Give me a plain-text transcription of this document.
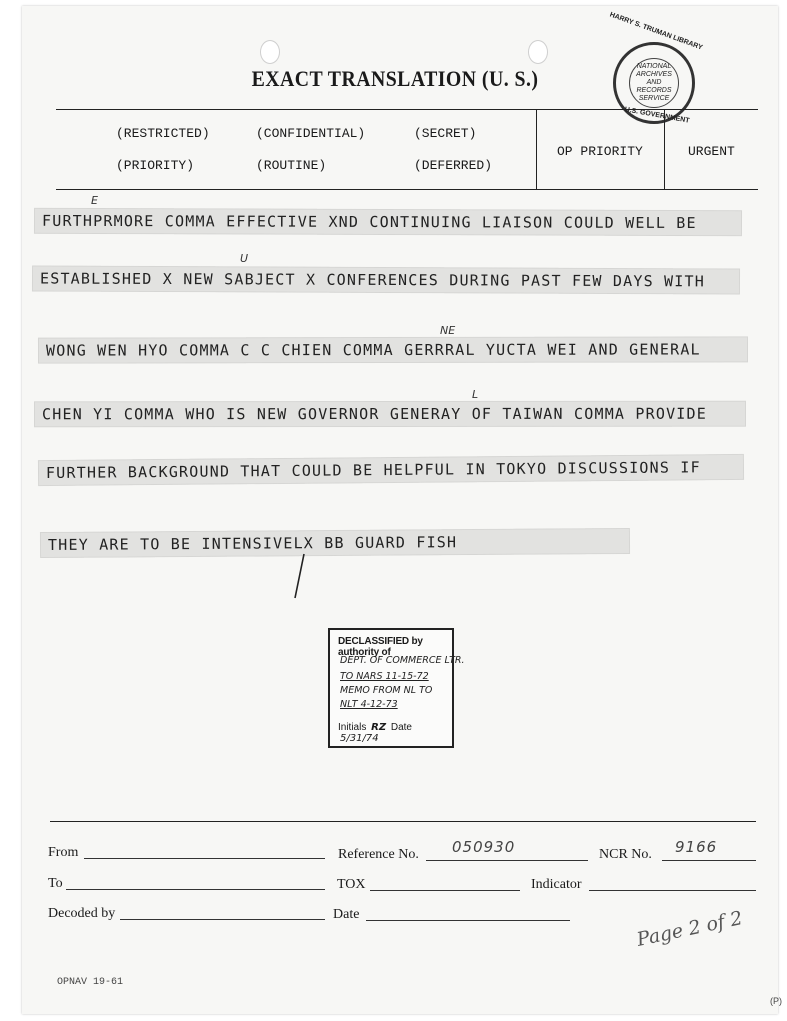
EXACT TRANSLATION (U. S.)	NATIONAL
ARCHIVES AND
RECORDS
SERVICE
HARRY S. TRUMAN LIBRARY
U.S. GOVERNMENT
(RESTRICTED)	(CONFIDENTIAL)	(SECRET)
(PRIORITY)	(ROUTINE)	(DEFERRED)
OP PRIORITY	URGENT
FURTHPRMORE COMMA EFFECTIVE XND CONTINUING LIAISON COULD WELL BE
ESTABLISHED X NEW SABJECT X CONFERENCES DURING PAST FEW DAYS WITH
WONG WEN HYO COMMA C C CHIEN COMMA GERRRAL YUCTA WEI AND GENERAL
CHEN YI COMMA WHO IS NEW GOVERNOR GENERAY OF TAIWAN COMMA PROVIDE
FURTHER BACKGROUND THAT COULD BE HELPFUL IN TOKYO DISCUSSIONS IF
THEY ARE TO BE INTENSIVELX BB GUARD FISH
E
U
NE
L
DECLASSIFIED by authority of
DEPT. OF COMMERCE LTR.
TO NARS 11-15-72
MEMO FROM NL TO
NLT 4-12-73
Initials RZ Date 5/31/74
From	Reference No. 050930	NCR No. 9166
To	TOX	Indicator
Decoded by	Date	Page 2 of 2
OPNAV 19-61
(P)
